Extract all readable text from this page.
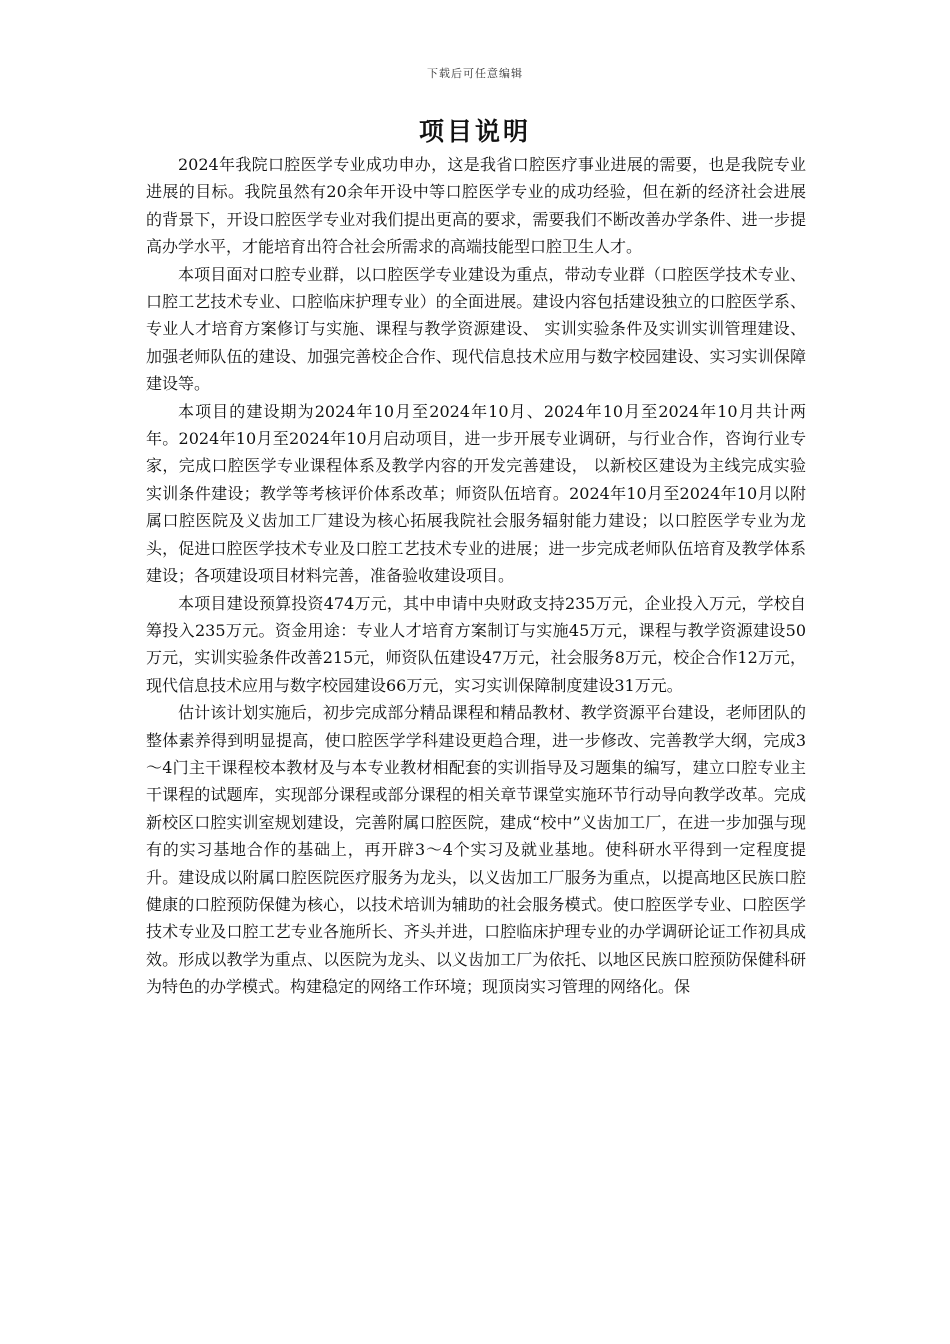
下载后可任意编辑
项目说明

2024年我院口腔医学专业成功申办，这是我省口腔医疗事业进展的需要，也是我院专业进展的目标。我院虽然有20余年开设中等口腔医学专业的成功经验，但在新的经济社会进展的背景下，开设口腔医学专业对我们提出更高的要求，需要我们不断改善办学条件、进一步提高办学水平，才能培育出符合社会所需求的高端技能型口腔卫生人才。

本项目面对口腔专业群，以口腔医学专业建设为重点，带动专业群（口腔医学技术专业、口腔工艺技术专业、口腔临床护理专业）的全面进展。建设内容包括建设独立的口腔医学系、专业人才培育方案修订与实施、课程与教学资源建设、 实训实验条件及实训实训管理建设、加强老师队伍的建设、加强完善校企合作、现代信息技术应用与数字校园建设、实习实训保障建设等。

本项目的建设期为2024年10月至2024年10月、2024年10月至2024年10月共计两年。2024年10月至2024年10月启动项目，进一步开展专业调研，与行业合作，咨询行业专家，完成口腔医学专业课程体系及教学内容的开发完善建设， 以新校区建设为主线完成实验实训条件建设；教学等考核评价体系改革；师资队伍培育。2024年10月至2024年10月以附属口腔医院及义齿加工厂建设为核心拓展我院社会服务辐射能力建设；以口腔医学专业为龙头，促进口腔医学技术专业及口腔工艺技术专业的进展；进一步完成老师队伍培育及教学体系建设；各项建设项目材料完善，准备验收建设项目。

本项目建设预算投资474万元，其中申请中央财政支持235万元，企业投入万元，学校自筹投入235万元。资金用途：专业人才培育方案制订与实施45万元，课程与教学资源建设50万元，实训实验条件改善215元，师资队伍建设47万元，社会服务8万元，校企合作12万元，现代信息技术应用与数字校园建设66万元，实习实训保障制度建设31万元。

估计该计划实施后，初步完成部分精品课程和精品教材、教学资源平台建设，老师团队的整体素养得到明显提高，使口腔医学学科建设更趋合理，进一步修改、完善教学大纲，完成3～4门主干课程校本教材及与本专业教材相配套的实训指导及习题集的编写，建立口腔专业主干课程的试题库，实现部分课程或部分课程的相关章节课堂实施环节行动导向教学改革。完成新校区口腔实训室规划建设，完善附属口腔医院，建成“校中”义齿加工厂，在进一步加强与现有的实习基地合作的基础上，再开辟3～4个实习及就业基地。使科研水平得到一定程度提升。建设成以附属口腔医院医疗服务为龙头，以义齿加工厂服务为重点，以提高地区民族口腔健康的口腔预防保健为核心，以技术培训为辅助的社会服务模式。使口腔医学专业、口腔医学技术专业及口腔工艺专业各施所长、齐头并进，口腔临床护理专业的办学调研论证工作初具成效。形成以教学为重点、以医院为龙头、以义齿加工厂为依托、以地区民族口腔预防保健科研为特色的办学模式。构建稳定的网络工作环境；现顶岗实习管理的网络化。保
